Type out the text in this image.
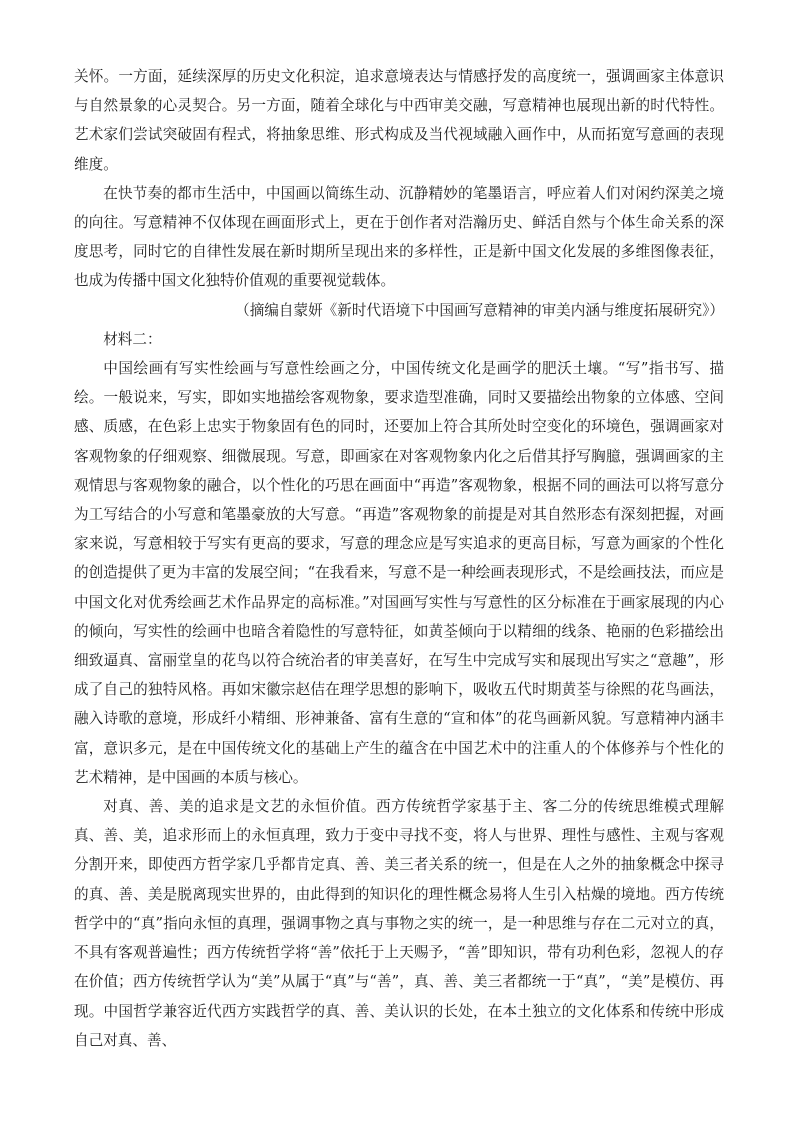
关怀。一方面，延续深厚的历史文化积淀，追求意境表达与情感抒发的高度统一，强调画家主体意识与自然景象的心灵契合。另一方面，随着全球化与中西审美交融，写意精神也展现出新的时代特性。艺术家们尝试突破固有程式，将抽象思维、形式构成及当代视域融入画作中，从而拓宽写意画的表现维度。

在快节奏的都市生活中，中国画以简练生动、沉静精妙的笔墨语言，呼应着人们对闲约深美之境的向往。写意精神不仅体现在画面形式上，更在于创作者对浩瀚历史、鲜活自然与个体生命关系的深度思考，同时它的自律性发展在新时期所呈现出来的多样性，正是新中国文化发展的多维图像表征，也成为传播中国文化独特价值观的重要视觉载体。

（摘编自蒙妍《新时代语境下中国画写意精神的审美内涵与维度拓展研究》）

材料二：

中国绘画有写实性绘画与写意性绘画之分，中国传统文化是画学的肥沃土壤。“写”指书写、描绘。一般说来，写实，即如实地描绘客观物象，要求造型准确，同时又要描绘出物象的立体感、空间感、质感，在色彩上忠实于物象固有色的同时，还要加上符合其所处时空变化的环境色，强调画家对客观物象的仔细观察、细微展现。写意，即画家在对客观物象内化之后借其抒写胸臆，强调画家的主观情思与客观物象的融合，以个性化的巧思在画面中“再造”客观物象，根据不同的画法可以将写意分为工写结合的小写意和笔墨豪放的大写意。“再造”客观物象的前提是对其自然形态有深刻把握，对画家来说，写意相较于写实有更高的要求，写意的理念应是写实追求的更高目标，写意为画家的个性化的创造提供了更为丰富的发展空间；“在我看来，写意不是一种绘画表现形式，不是绘画技法，而应是中国文化对优秀绘画艺术作品界定的高标准。”对国画写实性与写意性的区分标准在于画家展现的内心的倾向，写实性的绘画中也暗含着隐性的写意特征，如黄荃倾向于以精细的线条、艳丽的色彩描绘出细致逼真、富丽堂皇的花鸟以符合统治者的审美喜好，在写生中完成写实和展现出写实之“意趣”，形成了自己的独特风格。再如宋徽宗赵佶在理学思想的影响下，吸收五代时期黄荃与徐熙的花鸟画法，融入诗歌的意境，形成纤小精细、形神兼备、富有生意的“宣和体”的花鸟画新风貌。写意精神内涵丰富，意识多元，是在中国传统文化的基础上产生的蕴含在中国艺术中的注重人的个体修养与个性化的艺术精神，是中国画的本质与核心。

对真、善、美的追求是文艺的永恒价值。西方传统哲学家基于主、客二分的传统思维模式理解真、善、美，追求形而上的永恒真理，致力于变中寻找不变，将人与世界、理性与感性、主观与客观分割开来，即使西方哲学家几乎都肯定真、善、美三者关系的统一，但是在人之外的抽象概念中探寻的真、善、美是脱离现实世界的，由此得到的知识化的理性概念易将人生引入枯燥的境地。西方传统哲学中的“真”指向永恒的真理，强调事物之真与事物之实的统一，是一种思维与存在二元对立的真，不具有客观普遍性；西方传统哲学将“善”依托于上天赐予，“善”即知识，带有功利色彩，忽视人的存在价值；西方传统哲学认为“美”从属于“真”与“善”，真、善、美三者都统一于“真”，“美”是模仿、再现。中国哲学兼容近代西方实践哲学的真、善、美认识的长处，在本土独立的文化体系和传统中形成自己对真、善、
